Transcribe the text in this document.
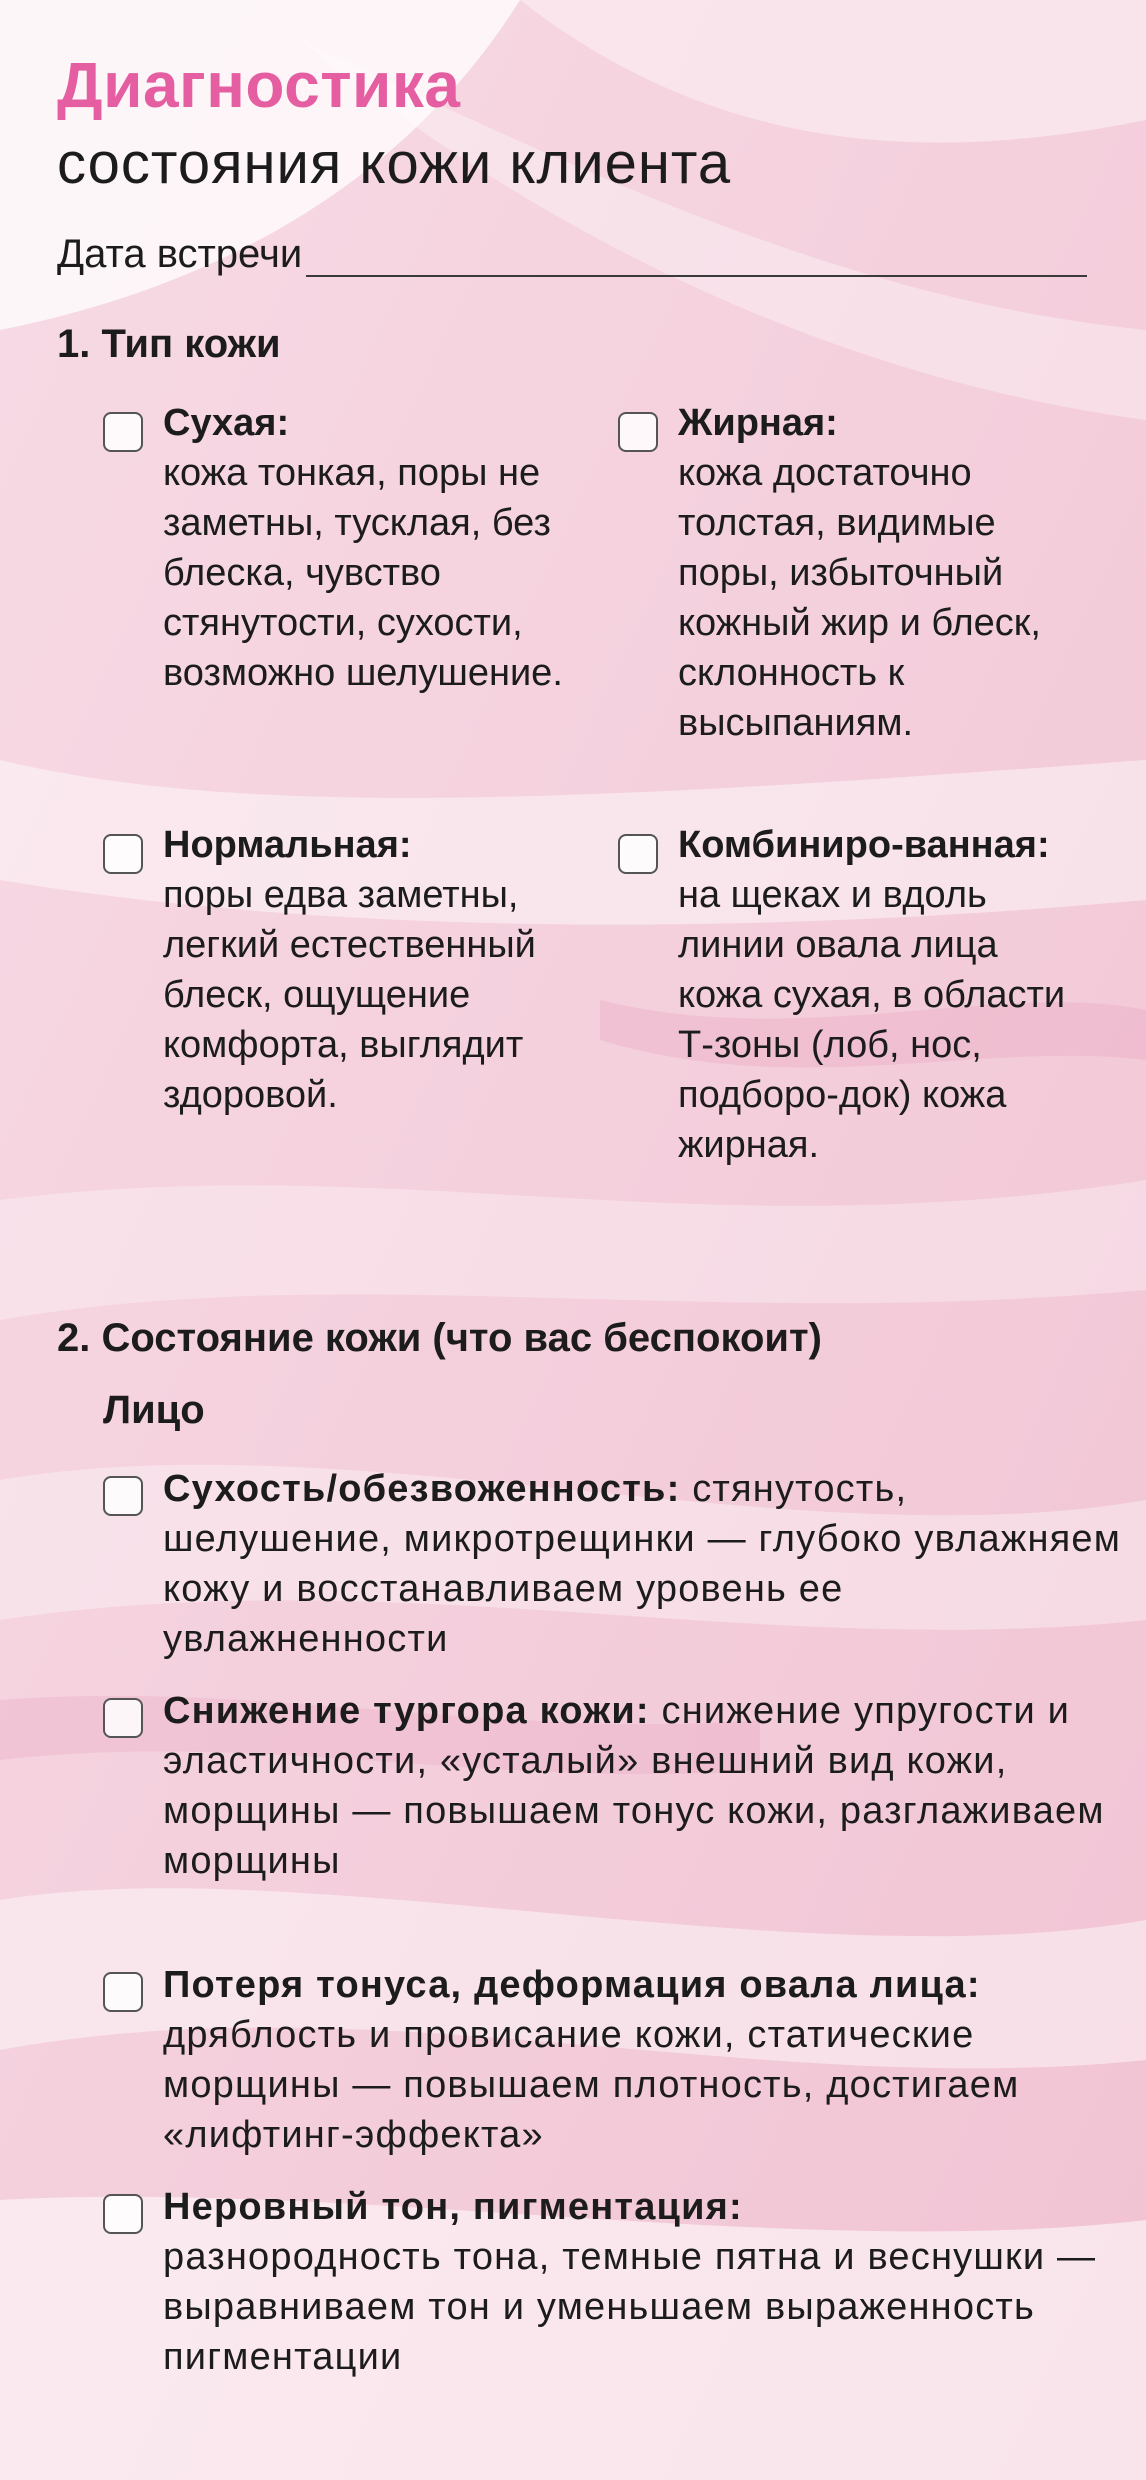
Диагностика
состояния кожи клиента
Дата встречи
1. Тип кожи
Сухая:
кожа тонкая, поры не заметны, тусклая, без блеска, чувство стянутости, сухости, возможно шелушение.
Жирная:
кожа достаточно толстая, видимые поры, избыточный кожный жир и блеск, склонность к высыпаниям.
Нормальная:
поры едва заметны, легкий естественный блеск, ощущение комфорта, выглядит здоровой.
Комбиниро-ванная:
на щеках и вдоль линии овала лица кожа сухая, в области Т-зоны (лоб, нос, подборо-док) кожа жирная.
2. Состояние кожи (что вас беспокоит)
Лицо
Сухость/обезвоженность: стянутость, шелушение, микротрещинки — глубоко увлажняем кожу и восстанавливаем уровень ее увлажненности
Снижение тургора кожи: снижение упругости и эластичности, «усталый» внешний вид кожи, морщины — повышаем тонус кожи, разглаживаем морщины
Потеря тонуса, деформация овала лица: дряблость и провисание кожи, статические морщины — повышаем плотность, достигаем «лифтинг-эффекта»
Неровный тон, пигментация:
разнородность тона, темные пятна и веснушки — выравниваем тон и уменьшаем выраженность пигментации
